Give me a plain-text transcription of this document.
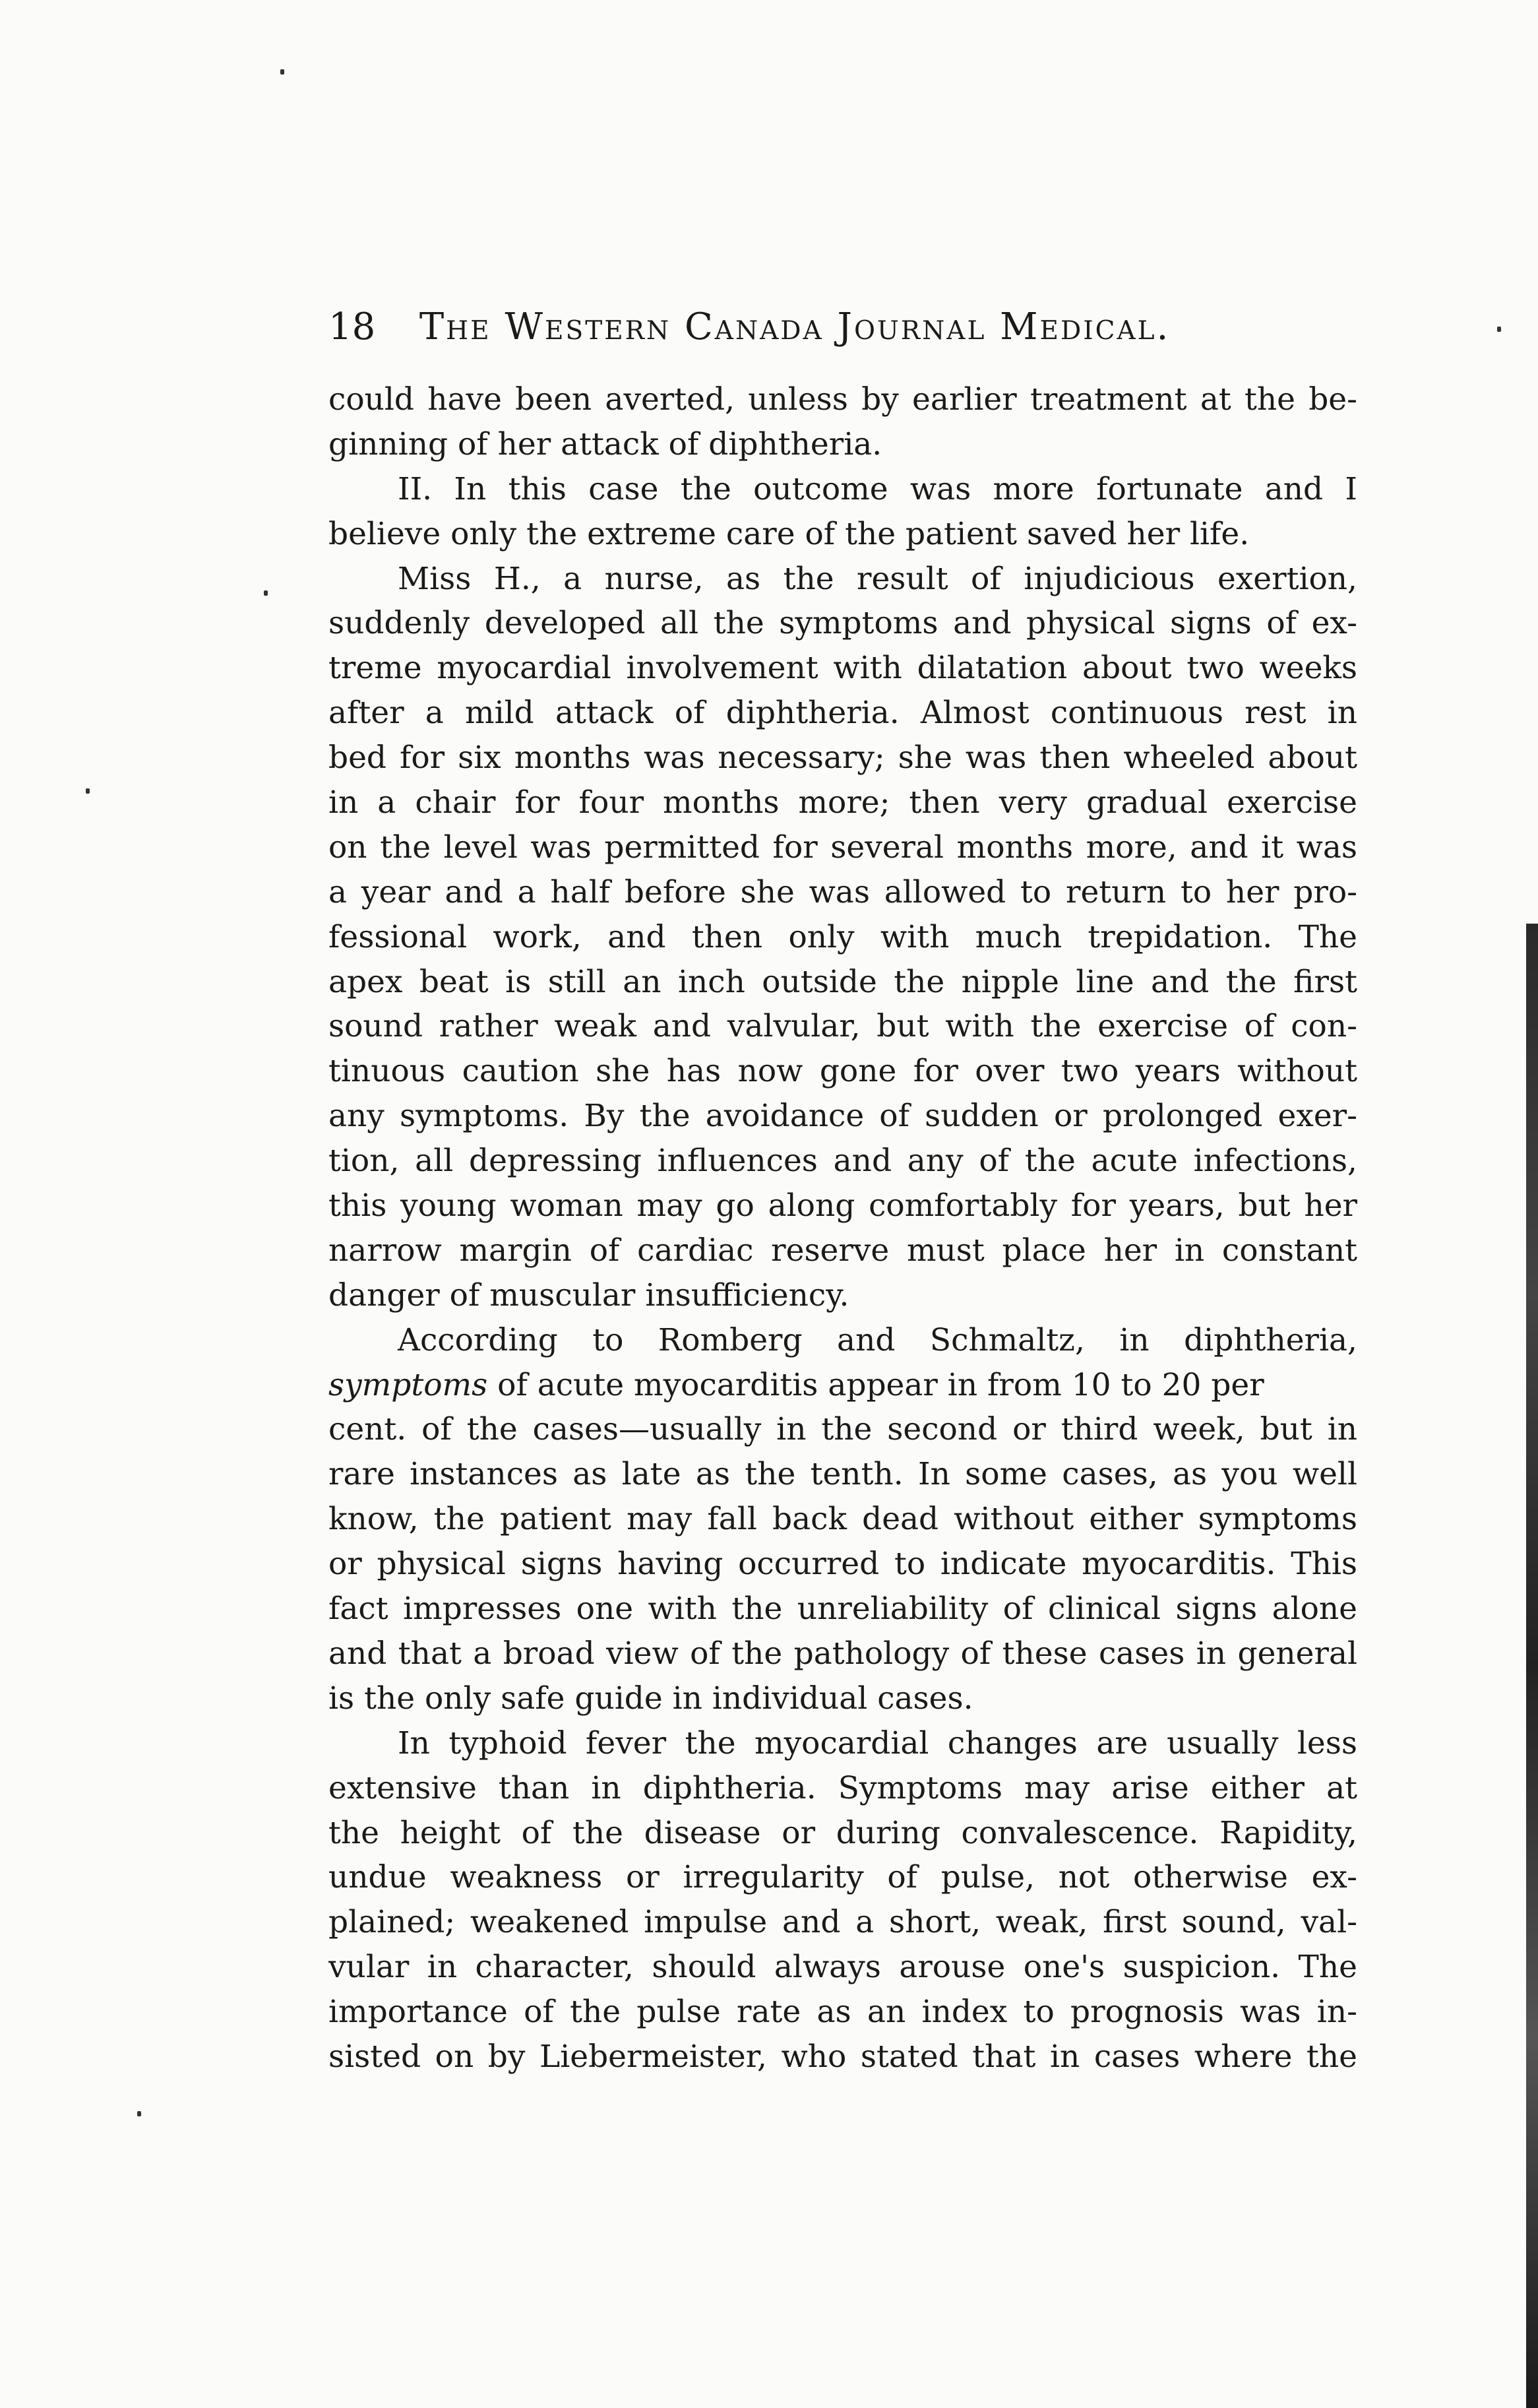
18 The Western Canada Journal Medical.
could have been averted, unless by earlier treatment at the be-
ginning of her attack of diphtheria.
II. In this case the outcome was more fortunate and I
believe only the extreme care of the patient saved her life.
Miss H., a nurse, as the result of injudicious exertion,
suddenly developed all the symptoms and physical signs of ex-
treme myocardial involvement with dilatation about two weeks
after a mild attack of diphtheria. Almost continuous rest in
bed for six months was necessary; she was then wheeled about
in a chair for four months more; then very gradual exercise
on the level was permitted for several months more, and it was
a year and a half before she was allowed to return to her pro-
fessional work, and then only with much trepidation. The
apex beat is still an inch outside the nipple line and the first
sound rather weak and valvular, but with the exercise of con-
tinuous caution she has now gone for over two years without
any symptoms. By the avoidance of sudden or prolonged exer-
tion, all depressing influences and any of the acute infections,
this young woman may go along comfortably for years, but her
narrow margin of cardiac reserve must place her in constant
danger of muscular insufficiency.
According to Romberg and Schmaltz, in diphtheria,
symptoms of acute myocarditis appear in from 10 to 20 per
cent. of the cases—usually in the second or third week, but in
rare instances as late as the tenth. In some cases, as you well
know, the patient may fall back dead without either symptoms
or physical signs having occurred to indicate myocarditis. This
fact impresses one with the unreliability of clinical signs alone
and that a broad view of the pathology of these cases in general
is the only safe guide in individual cases.
In typhoid fever the myocardial changes are usually less
extensive than in diphtheria. Symptoms may arise either at
the height of the disease or during convalescence. Rapidity,
undue weakness or irregularity of pulse, not otherwise ex-
plained; weakened impulse and a short, weak, first sound, val-
vular in character, should always arouse one's suspicion. The
importance of the pulse rate as an index to prognosis was in-
sisted on by Liebermeister, who stated that in cases where the
